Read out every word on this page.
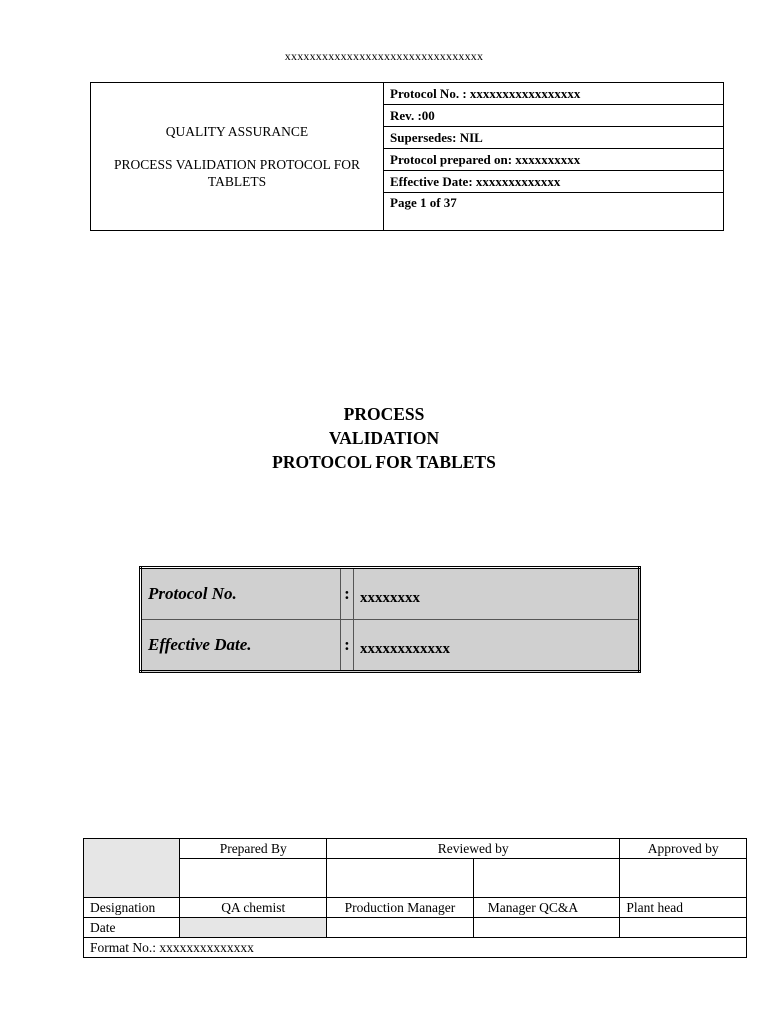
xxxxxxxxxxxxxxxxxxxxxxxxxxxxxxxx
QUALITY ASSURANCE
PROCESS VALIDATION PROTOCOL FOR TABLETS
	Protocol No. : xxxxxxxxxxxxxxxxx
Rev. :00
Supersedes: NIL
Protocol prepared on: xxxxxxxxxx
Effective Date: xxxxxxxxxxxxx
Page 1 of 37
PROCESS
VALIDATION
PROTOCOL FOR TABLETS
Protocol No.	:	xxxxxxxx
Effective Date.	:	xxxxxxxxxxxx
	Prepared By	Reviewed by		Approved by

Designation	QA chemist	Production Manager	Manager QC&A	Plant head
Date				
Format No.: xxxxxxxxxxxxxx				
